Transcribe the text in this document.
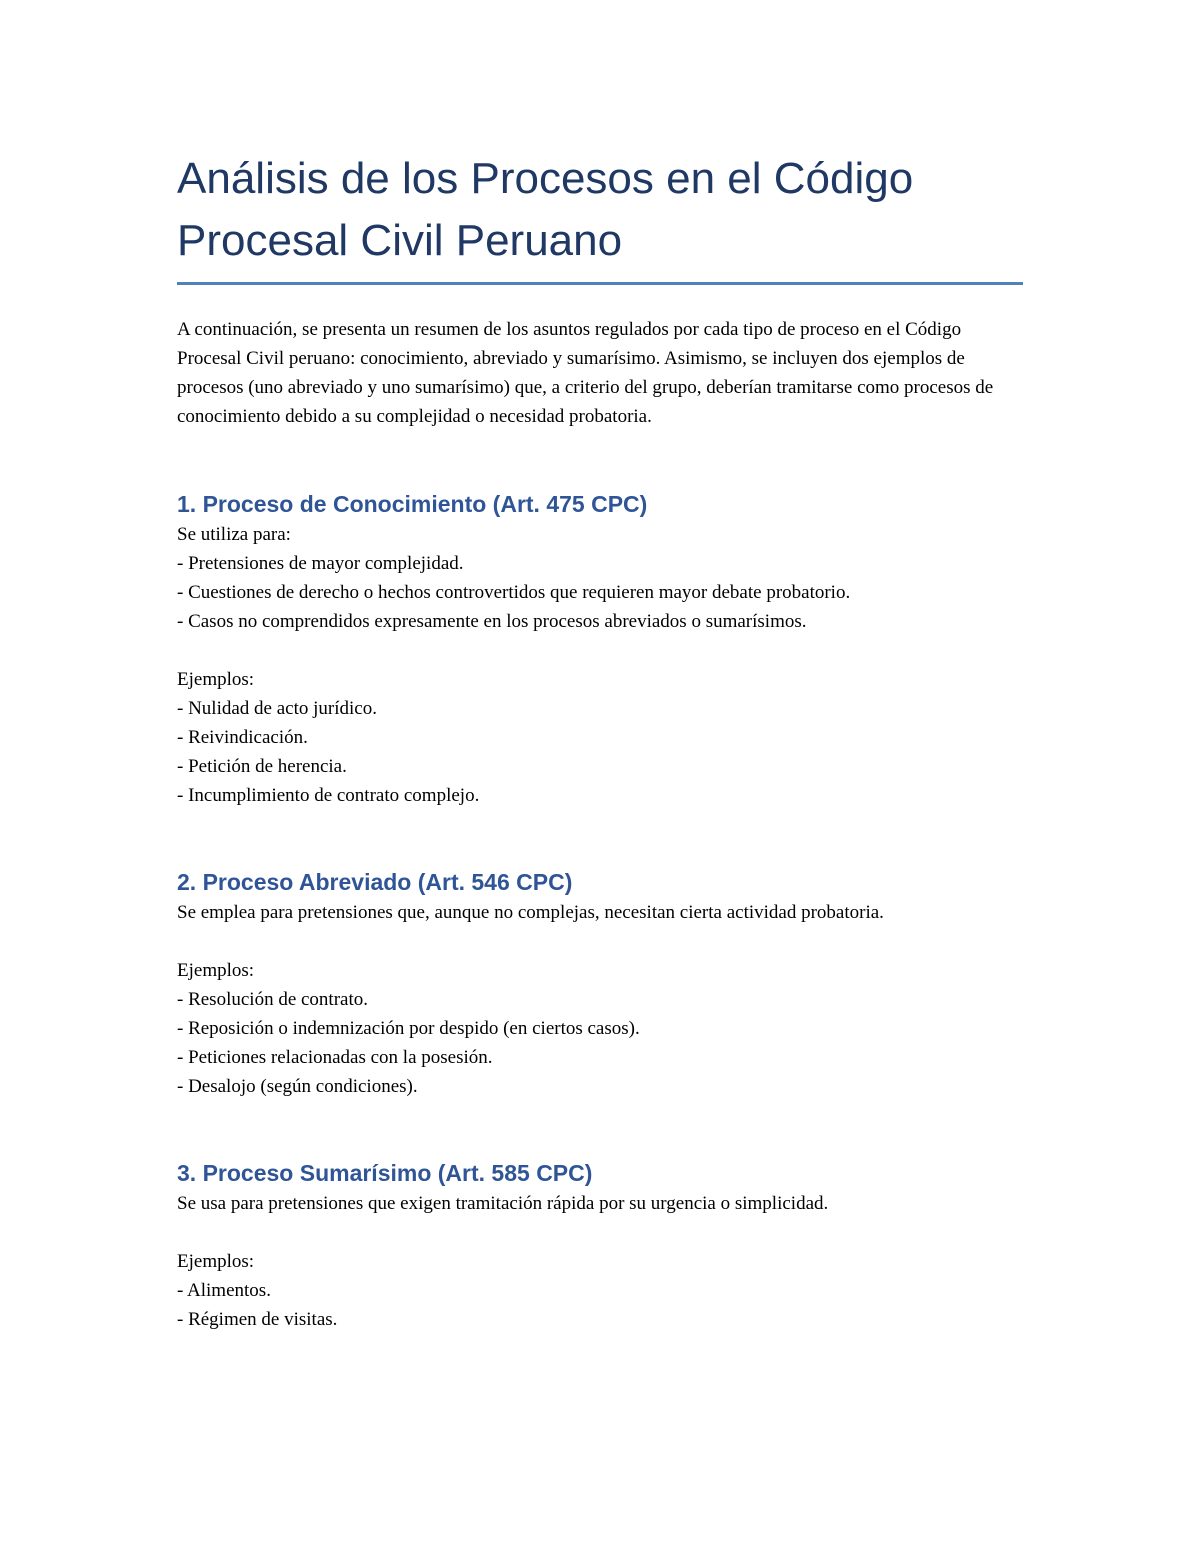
Análisis de los Procesos en el Código Procesal Civil Peruano

A continuación, se presenta un resumen de los asuntos regulados por cada tipo de proceso en el Código Procesal Civil peruano: conocimiento, abreviado y sumarísimo. Asimismo, se incluyen dos ejemplos de procesos (uno abreviado y uno sumarísimo) que, a criterio del grupo, deberían tramitarse como procesos de conocimiento debido a su complejidad o necesidad probatoria.

1. Proceso de Conocimiento (Art. 475 CPC)

Se utiliza para:

- Pretensiones de mayor complejidad.
- Cuestiones de derecho o hechos controvertidos que requieren mayor debate probatorio.
- Casos no comprendidos expresamente en los procesos abreviados o sumarísimos.

Ejemplos:

- Nulidad de acto jurídico.
- Reivindicación.
- Petición de herencia.
- Incumplimiento de contrato complejo.
2. Proceso Abreviado (Art. 546 CPC)

Se emplea para pretensiones que, aunque no complejas, necesitan cierta actividad probatoria.

Ejemplos:

- Resolución de contrato.
- Reposición o indemnización por despido (en ciertos casos).
- Peticiones relacionadas con la posesión.
- Desalojo (según condiciones).
3. Proceso Sumarísimo (Art. 585 CPC)

Se usa para pretensiones que exigen tramitación rápida por su urgencia o simplicidad.

Ejemplos:

- Alimentos.
- Régimen de visitas.
